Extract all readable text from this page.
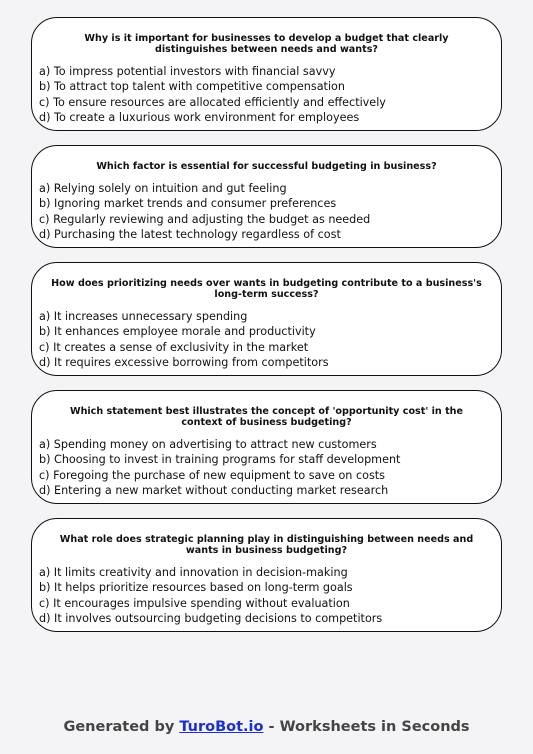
Why is it important for businesses to develop a budget that clearly distinguishes between needs and wants?
a) To impress potential investors with financial savvy
b) To attract top talent with competitive compensation
c) To ensure resources are allocated efficiently and effectively
d) To create a luxurious work environment for employees
Which factor is essential for successful budgeting in business?
a) Relying solely on intuition and gut feeling
b) Ignoring market trends and consumer preferences
c) Regularly reviewing and adjusting the budget as needed
d) Purchasing the latest technology regardless of cost
How does prioritizing needs over wants in budgeting contribute to a business's long-term success?
a) It increases unnecessary spending
b) It enhances employee morale and productivity
c) It creates a sense of exclusivity in the market
d) It requires excessive borrowing from competitors
Which statement best illustrates the concept of 'opportunity cost' in the context of business budgeting?
a) Spending money on advertising to attract new customers
b) Choosing to invest in training programs for staff development
c) Foregoing the purchase of new equipment to save on costs
d) Entering a new market without conducting market research
What role does strategic planning play in distinguishing between needs and wants in business budgeting?
a) It limits creativity and innovation in decision-making
b) It helps prioritize resources based on long-term goals
c) It encourages impulsive spending without evaluation
d) It involves outsourcing budgeting decisions to competitors
Generated by TuroBot.io - Worksheets in Seconds
